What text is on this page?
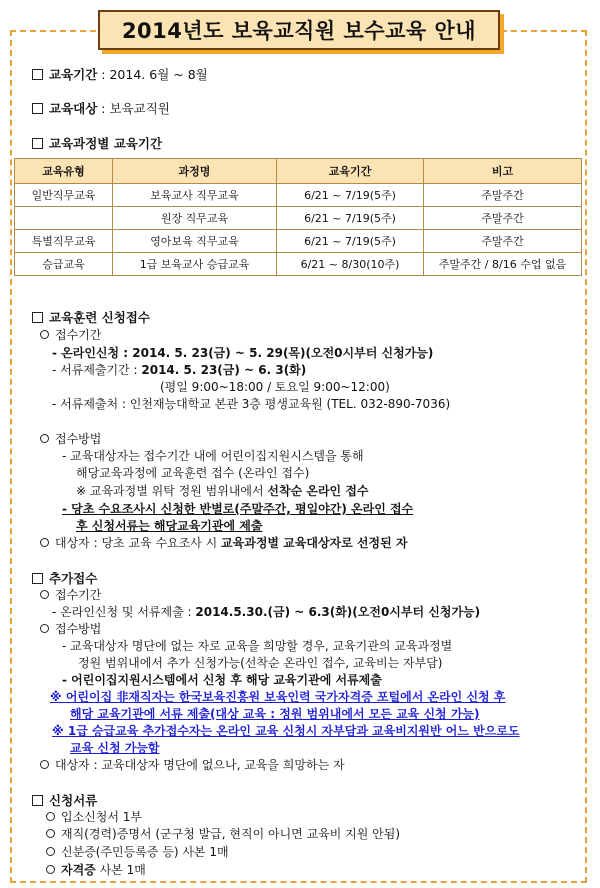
2014년도 보육교직원 보수교육 안내
교육기간 : 2014. 6월 ~ 8월
교육대상 : 보육교직원
교육과정별 교육기간
교육유형	과정명	교육기간	비고
일반직무교육	보육교사 직무교육	6/21 ~ 7/19(5주)	주말주간
	원장 직무교육	6/21 ~ 7/19(5주)	주말주간
특별직무교육	영아보육 직무교육	6/21 ~ 7/19(5주)	주말주간
승급교육	1급 보육교사 승급교육	6/21 ~ 8/30(10주)	주말주간 / 8/16 수업 없음
교육훈련 신청접수
접수기간
- 온라인신청 : 2014. 5. 23(금) ~ 5. 29(목)(오전0시부터 신청가능)
- 서류제출기간 : 2014. 5. 23(금) ~ 6. 3(화)
(평일 9:00~18:00 / 토요일 9:00~12:00)
- 서류제출처 : 인천재능대학교 본관 3층 평생교육원 (TEL. 032-890-7036)
접수방법
- 교육대상자는 접수기간 내에 어린이집지원시스템을 통해
해당교육과정에 교육훈련 접수 (온라인 접수)
※ 교육과정별 위탁 정원 범위내에서 선착순 온라인 접수
- 당초 수요조사시 신청한 반별로(주말주간, 평일야간) 온라인 접수
후 신청서류는 해당교육기관에 제출
대상자 : 당초 교육 수요조사 시 교육과정별 교육대상자로 선정된 자
추가접수
접수기간
- 온라인신청 및 서류제출 : 2014.5.30.(금) ~ 6.3(화)(오전0시부터 신청가능)
접수방법
- 교육대상자 명단에 없는 자로 교육을 희망할 경우, 교육기관의 교육과정별
정원 범위내에서 추가 신청가능(선착순 온라인 접수, 교육비는 자부담)
- 어린이집지원시스템에서 신청 후 해당 교육기관에 서류제출
※ 어린이집 非재직자는 한국보육진흥원 보육인력 국가자격증 포털에서 온라인 신청 후
해당 교육기관에 서류 제출(대상 교육 : 정원 범위내에서 모든 교육 신청 가능)
※ 1급 승급교육 추가접수자는 온라인 교육 신청시 자부담과 교육비지원반 어느 반으로도
교육 신청 가능함
대상자 : 교육대상자 명단에 없으나, 교육을 희망하는 자
신청서류
입소신청서 1부
재직(경력)증명서 (군구청 발급, 현직이 아니면 교육비 지원 안됨)
신분증(주민등록증 등) 사본 1매
자격증 사본 1매
